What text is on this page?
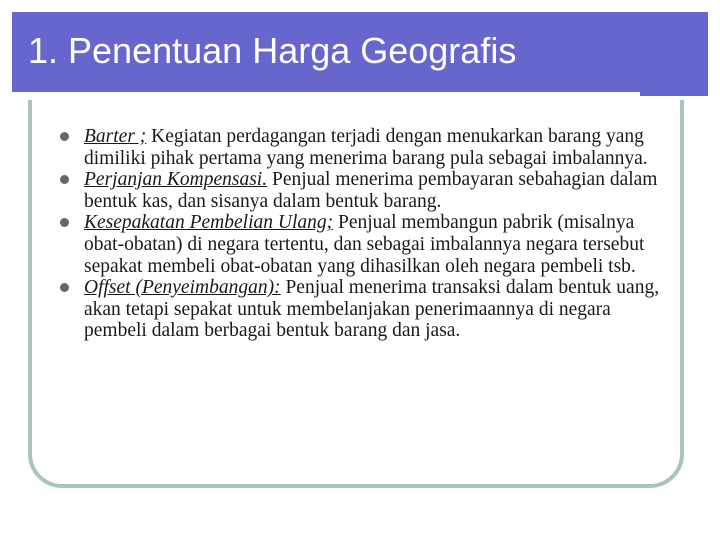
1. Penentuan Harga Geografis
Barter ; Kegiatan perdagangan terjadi dengan menukarkan barang yang dimiliki pihak pertama yang menerima barang pula sebagai imbalannya.
Perjanjan Kompensasi. Penjual menerima pembayaran sebahagian dalam bentuk kas, dan sisanya dalam bentuk barang.
Kesepakatan Pembelian Ulang; Penjual membangun pabrik (misalnya obat-obatan) di negara tertentu, dan sebagai imbalannya negara tersebut sepakat membeli obat-obatan yang dihasilkan oleh negara pembeli tsb.
Offset (Penyeimbangan): Penjual menerima transaksi dalam bentuk uang, akan tetapi sepakat untuk membelanjakan penerimaannya di negara pembeli dalam berbagai bentuk barang dan jasa.
